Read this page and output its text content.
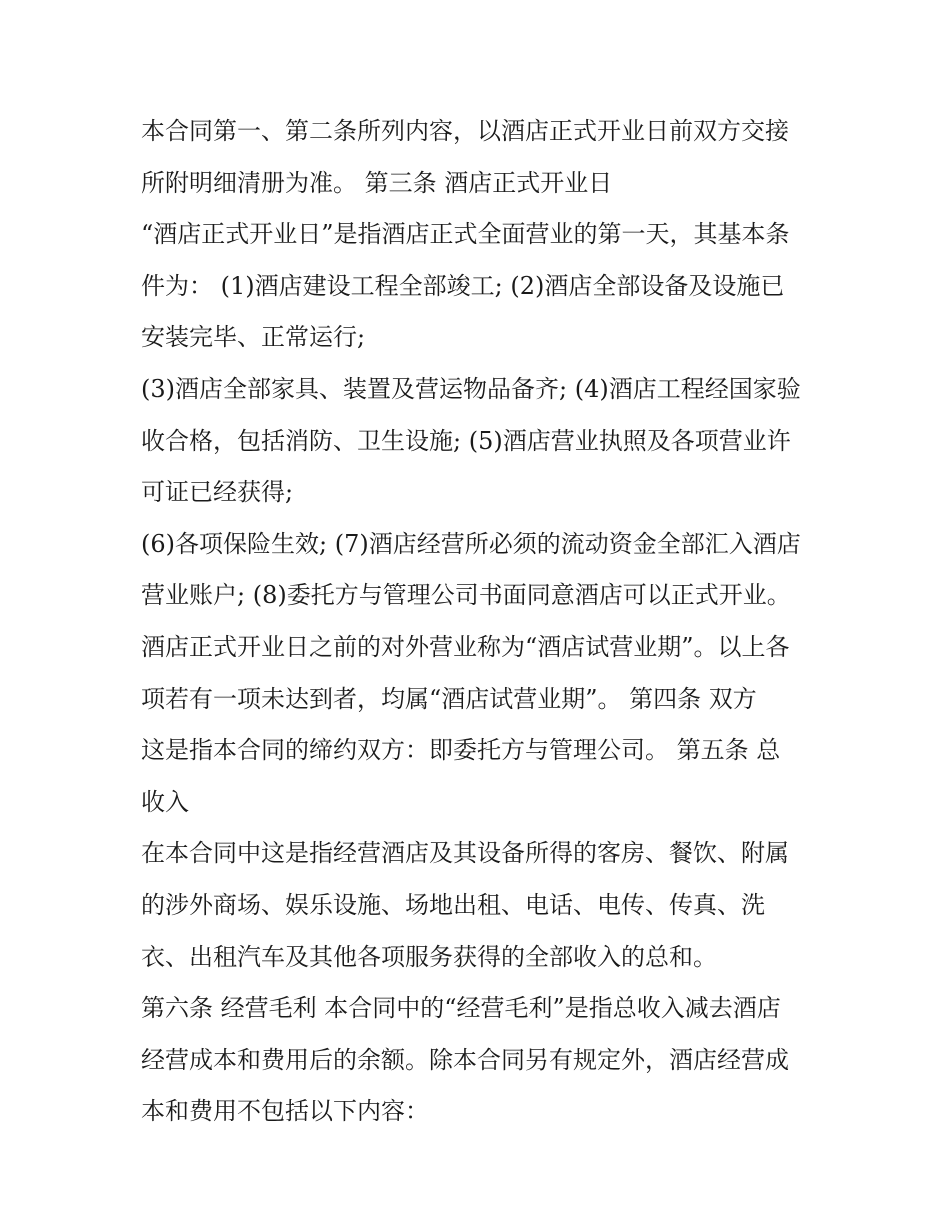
本合同第一、第二条所列内容，以酒店正式开业日前双方交接
所附明细清册为准。 第三条 酒店正式开业日
“酒店正式开业日”是指酒店正式全面营业的第一天，其基本条
件为： (1)酒店建设工程全部竣工; (2)酒店全部设备及设施已
安装完毕、正常运行;
(3)酒店全部家具、装置及营运物品备齐; (4)酒店工程经国家验
收合格，包括消防、卫生设施; (5)酒店营业执照及各项营业许
可证已经获得;
(6)各项保险生效; (7)酒店经营所必须的流动资金全部汇入酒店
营业账户; (8)委托方与管理公司书面同意酒店可以正式开业。
酒店正式开业日之前的对外营业称为“酒店试营业期”。以上各
项若有一项未达到者，均属“酒店试营业期”。 第四条 双方
这是指本合同的缔约双方：即委托方与管理公司。 第五条 总
收入
在本合同中这是指经营酒店及其设备所得的客房、餐饮、附属
的涉外商场、娱乐设施、场地出租、电话、电传、传真、洗
衣、出租汽车及其他各项服务获得的全部收入的总和。
第六条 经营毛利 本合同中的“经营毛利”是指总收入减去酒店
经营成本和费用后的余额。除本合同另有规定外，酒店经营成
本和费用不包括以下内容：
